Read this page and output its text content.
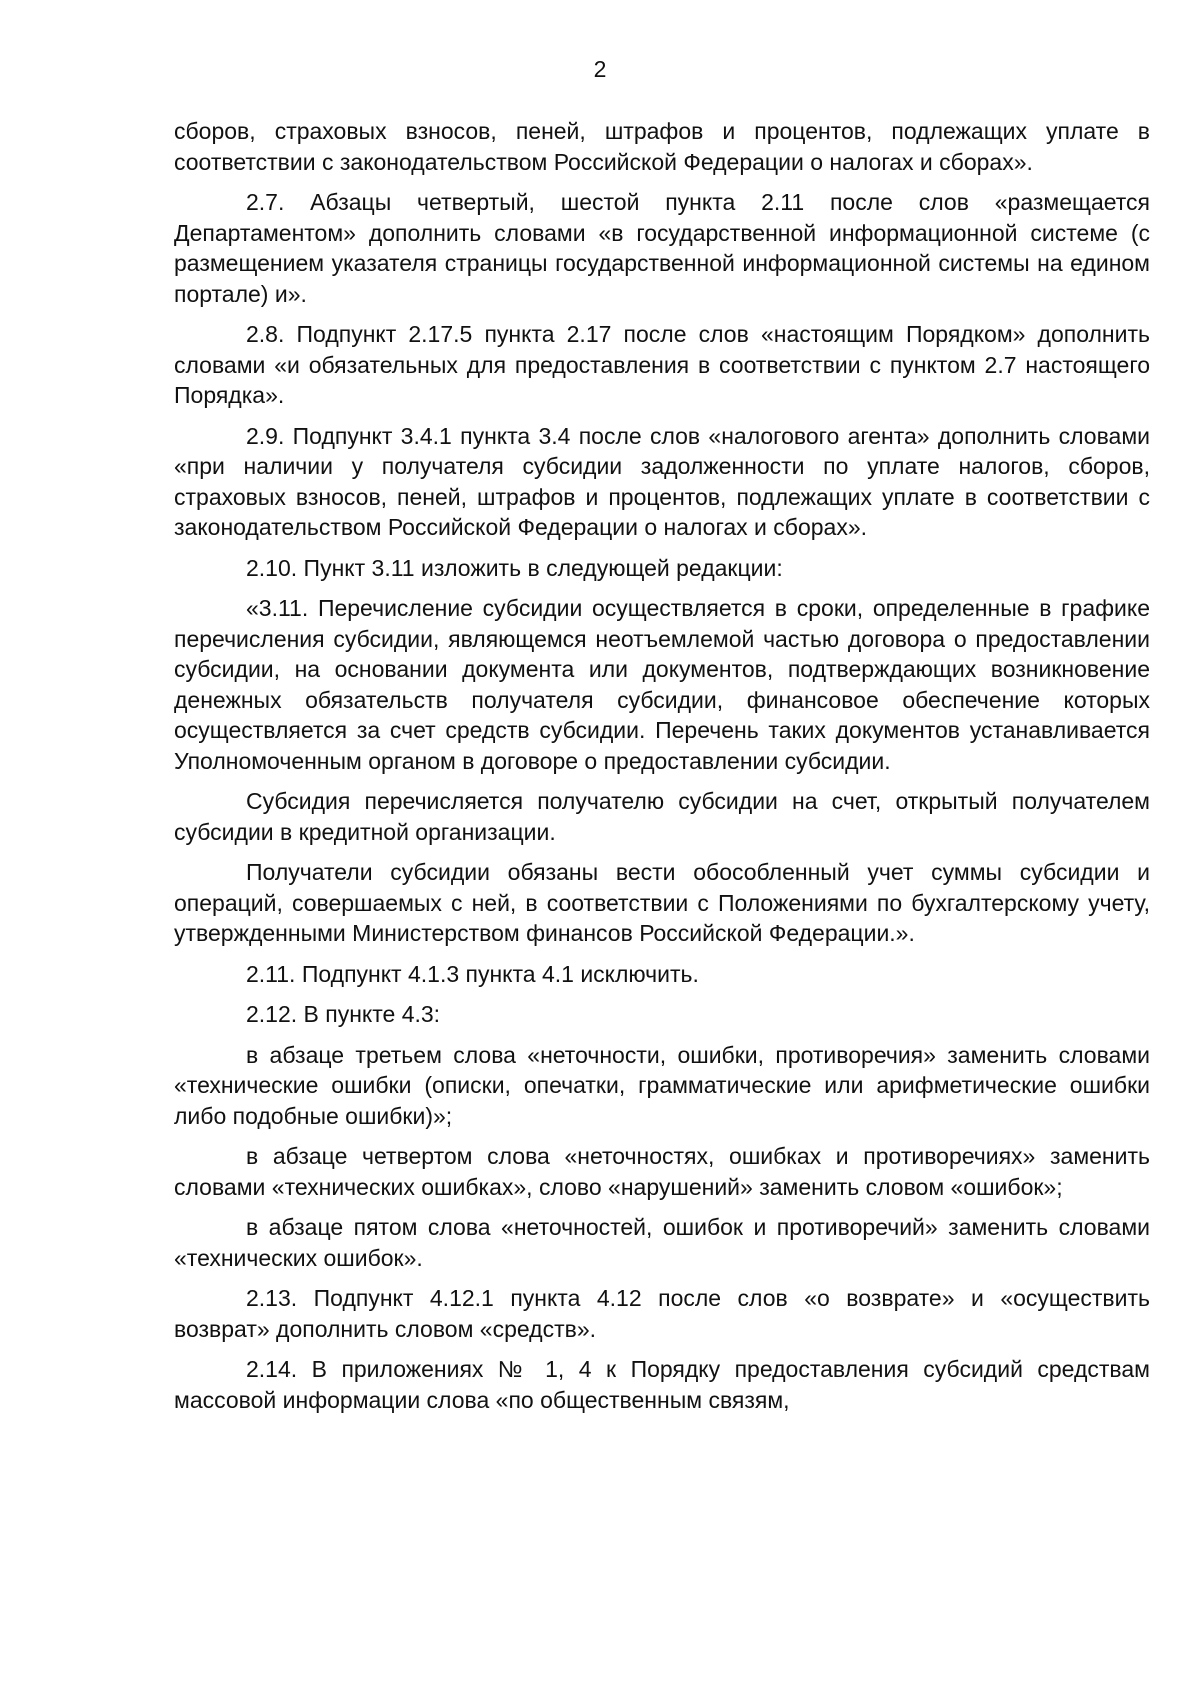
2

сборов, страховых взносов, пеней, штрафов и процентов, подлежащих уплате в соответствии с законодательством Российской Федерации о налогах и сборах».

2.7. Абзацы четвертый, шестой пункта 2.11 после слов «размещается Департаментом» дополнить словами «в государственной информационной системе (с размещением указателя страницы государственной информационной системы на едином портале) и».

2.8. Подпункт 2.17.5 пункта 2.17 после слов «настоящим Порядком» дополнить словами «и обязательных для предоставления в соответствии с пунктом 2.7 настоящего Порядка».

2.9. Подпункт 3.4.1 пункта 3.4 после слов «налогового агента» дополнить словами «при наличии у получателя субсидии задолженности по уплате налогов, сборов, страховых взносов, пеней, штрафов и процентов, подлежащих уплате в соответствии с законодательством Российской Федерации о налогах и сборах».

2.10. Пункт 3.11 изложить в следующей редакции:

«3.11. Перечисление субсидии осуществляется в сроки, определенные в графике перечисления субсидии, являющемся неотъемлемой частью договора о предоставлении субсидии, на основании документа или документов, подтверждающих возникновение денежных обязательств получателя субсидии, финансовое обеспечение которых осуществляется за счет средств субсидии. Перечень таких документов устанавливается Уполномоченным органом в договоре о предоставлении субсидии.

Субсидия перечисляется получателю субсидии на счет, открытый получателем субсидии в кредитной организации.

Получатели субсидии обязаны вести обособленный учет суммы субсидии и операций, совершаемых с ней, в соответствии с Положениями по бухгалтерскому учету, утвержденными Министерством финансов Российской Федерации.».

2.11. Подпункт 4.1.3 пункта 4.1 исключить.

2.12. В пункте 4.3:

в абзаце третьем слова «неточности, ошибки, противоречия» заменить словами «технические ошибки (описки, опечатки, грамматические или арифметические ошибки либо подобные ошибки)»;

в абзаце четвертом слова «неточностях, ошибках и противоречиях» заменить словами «технических ошибках», слово «нарушений» заменить словом «ошибок»;

в абзаце пятом слова «неточностей, ошибок и противоречий» заменить словами «технических ошибок».

2.13. Подпункт 4.12.1 пункта 4.12 после слов «о возврате» и «осуществить возврат» дополнить словом «средств».

2.14. В приложениях № 1, 4 к Порядку предоставления субсидий средствам массовой информации слова «по общественным связям,
